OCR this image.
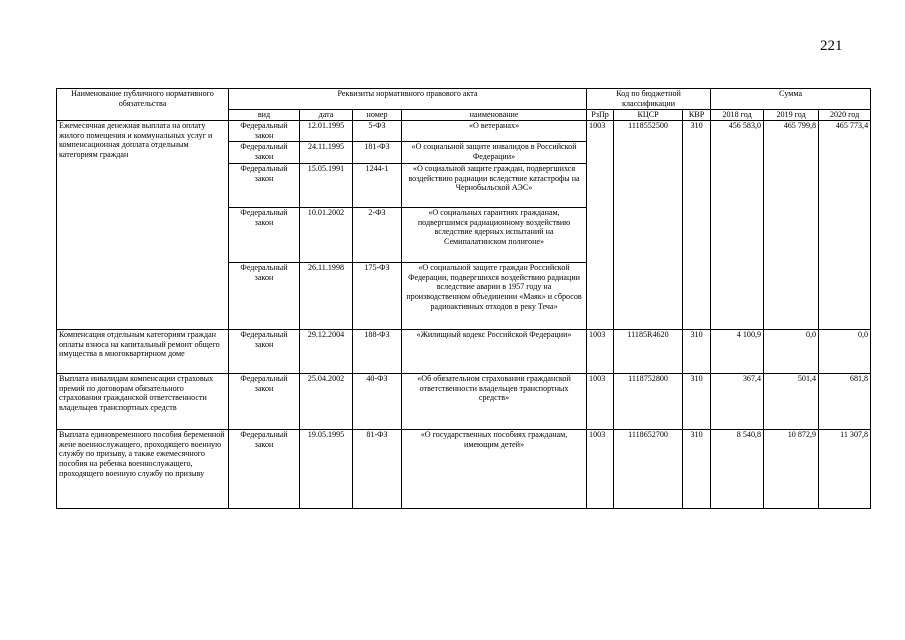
221
Наименование публичного нормативного обязательства	Реквизиты нормативного правового акта				Код по бюджетной классификации			Сумма		
	вид	дата	номер	наименование	РзПр	КЦСР	КВР	2018 год	2019 год	2020 год
Ежемесячная денежная выплата на оплату жилого помещения и коммунальных услуг и компенсационная доплата отдельным категориям граждан	Федеральный закон	12.01.1995	5-ФЗ	«О ветеранах»	1003	1118552500	310	456 583,0	465 799,8	465 773,4
	Федеральный закон	24.11.1995	181-ФЗ	«О социальной защите инвалидов в Российской Федерации»						
	Федеральный закон	15.05.1991	1244-1	«О социальной защите граждан, подвергшихся воздействию радиации вследствие катастрофы на Чернобыльской АЭС»						
	Федеральный закон	10.01.2002	2-ФЗ	«О социальных гарантиях гражданам, подвергшимся радиационному воздействию вследствие ядерных испытаний на Семипалатинском полигоне»						
	Федеральный закон	26.11.1998	175-ФЗ	«О социальной защите граждан Российской Федерации, подвергшихся воздействию радиации вследствие аварии в 1957 году на производственном объединении «Маяк» и сбросов радиоактивных отходов в реку Теча»						
Компенсация отдельным категориям граждан оплаты взноса на капитальный ремонт общего имущества в многоквартирном доме	Федеральный закон	29.12.2004	188-ФЗ	«Жилищный кодекс Российской Федерации»	1003	11185R4620	310	4 100,9	0,0	0,0
Выплата инвалидам компенсации страховых премий по договорам обязательного страхования гражданской ответственности владельцев транспортных средств	Федеральный закон	25.04.2002	40-ФЗ	«Об обязательном страховании гражданской ответственности владельцев транспортных средств»	1003	1118752800	310	367,4	501,4	681,8
Выплата единовременного пособия беременной жене военнослужащего, проходящего военную службу по призыву, а также ежемесячного пособия на ребенка военнослужащего, проходящего военную службу по призыву	Федеральный закон	19.05.1995	81-ФЗ	«О государственных пособиях гражданам, имеющим детей»	1003	1118652700	310	8 540,8	10 872,9	11 307,8
